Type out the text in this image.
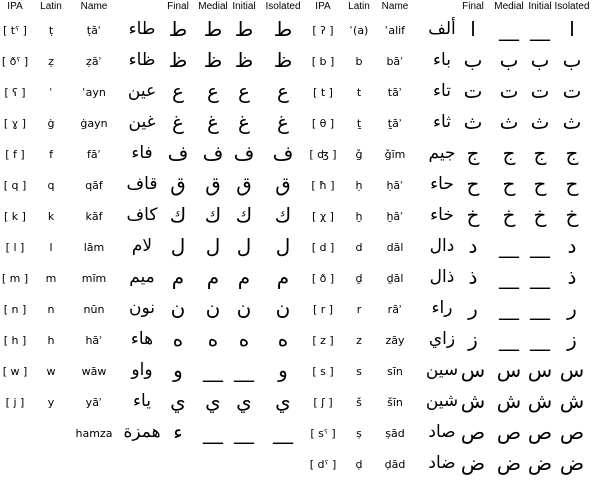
IPA Latin Name	Final Medial Initial Isolated IPA Latin Name	Final Medial Initial Isolated
[ tˤ ] ṭ	ṭāʾ طاء ط ط ط ط
[ ðˤ ] ẓ	ẓāʾ ظاء ظ ظ ظ ظ
[ ʕ ] ʿ	ʿayn عين ع ع ع ع
[ ɣ ] ġ ġayn غين غ غ غ غ
[ f ] f	fāʾ فاء ف ف ف ف
[ q ] q	qāf قاف ق ق ق ق
[ k ] k	kāf كاف ك ك ك ك
[ l ] l	lām لام ل ل ل ل
[ m ] m mīm ميم م م م م
[ n ] n	nūn نون ن ن ن ن
[ h ] h	hāʾ هاء ه ه ه ه
[ w ] w wāw واو و __ __ و
[ j ] y	yāʾ ياء ي ي ي ي
hamza همزة ء __ __ __
[ ʔ ] ʾ(a) ʾalif ألف ا __ __ ا
[ b ] b bāʾ باء ب ب ب ب
[ t ] t tāʾ تاء ت ت ت ت
[ θ ] ṯ ṯāʾ ثاء ث ث ث ث
[ ʤ ] ǧ ǧīm جيم ج ج ج ج
[ ħ ] ḥ ḥāʾ حاء ح ح ح ح
[ χ ] ḫ ḫāʾ خاء خ خ خ خ
[ d ] d dāl دال د __ __ د
[ ð ] ḏ ḏāl ذال ذ __ __ ذ
[ r ] r rāʾ راء ر __ __ ر
[ z ] z zāy زاي ز __ __ ز
[ s ] s sīn سين س س س س
[ ʃ ] š šīn شين ش ش ش ش
[ sˤ ] ṣ ṣād صاد ص ص ص ص
[ dˤ ] ḍ ḍād ضاد ض ض ض ض
